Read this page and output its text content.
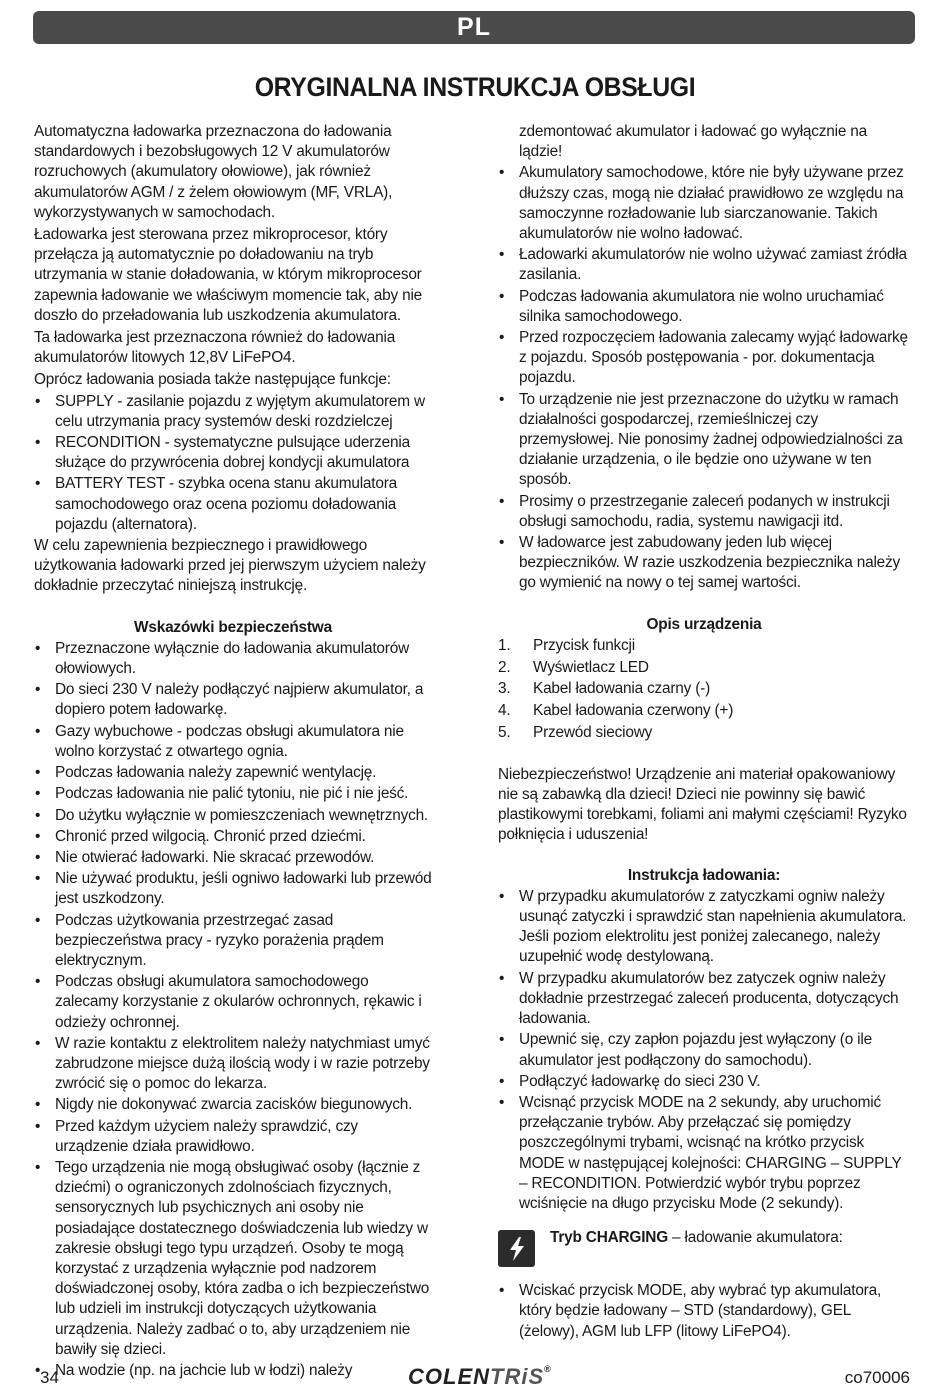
PL
ORYGINALNA INSTRUKCJA OBSŁUGI

Automatyczna ładowarka przeznaczona do ładowania standardowych i bezobsługowych 12 V akumulatorów rozruchowych (akumulatory ołowiowe), jak również akumulatorów AGM / z żelem ołowiowym (MF, VRLA), wykorzystywanych w samochodach.

Ładowarka jest sterowana przez mikroprocesor, który przełącza ją automatycznie po doładowaniu na tryb utrzymania w stanie doładowania, w którym mikroprocesor zapewnia ładowanie we właściwym momencie tak, aby nie doszło do przeładowania lub uszkodzenia akumulatora.

Ta ładowarka jest przeznaczona również do ładowania akumulatorów litowych 12,8V LiFePO4.

Oprócz ładowania posiada także następujące funkcje:

• SUPPLY - zasilanie pojazdu z wyjętym akumulatorem w celu utrzymania pracy systemów deski rozdzielczej
• RECONDITION - systematyczne pulsujące uderzenia służące do przywrócenia dobrej kondycji akumulatora
• BATTERY TEST - szybka ocena stanu akumulatora samochodowego oraz ocena poziomu doładowania pojazdu (alternatora).

W celu zapewnienia bezpiecznego i prawidłowego użytkowania ładowarki przed jej pierwszym użyciem należy dokładnie przeczytać niniejszą instrukcję.

Wskazówki bezpieczeństwa
• Przeznaczone wyłącznie do ładowania akumulatorów ołowiowych.
• Do sieci 230 V należy podłączyć najpierw akumulator, a dopiero potem ładowarkę.
• Gazy wybuchowe - podczas obsługi akumulatora nie wolno korzystać z otwartego ognia.
• Podczas ładowania należy zapewnić wentylację.
• Podczas ładowania nie palić tytoniu, nie pić i nie jeść.
• Do użytku wyłącznie w pomieszczeniach wewnętrznych.
• Chronić przed wilgocią. Chronić przed dziećmi.
• Nie otwierać ładowarki. Nie skracać przewodów.
• Nie używać produktu, jeśli ogniwo ładowarki lub przewód jest uszkodzony.
• Podczas użytkowania przestrzegać zasad bezpieczeństwa pracy - ryzyko porażenia prądem elektrycznym.
• Podczas obsługi akumulatora samochodowego zalecamy korzystanie z okularów ochronnych, rękawic i odzieży ochronnej.
• W razie kontaktu z elektrolitem należy natychmiast umyć zabrudzone miejsce dużą ilością wody i w razie potrzeby zwrócić się o pomoc do lekarza.
• Nigdy nie dokonywać zwarcia zacisków biegunowych.
• Przed każdym użyciem należy sprawdzić, czy urządzenie działa prawidłowo.
• Tego urządzenia nie mogą obsługiwać osoby (łącznie z dziećmi) o ograniczonych zdolnościach fizycznych, sensorycznych lub psychicznych ani osoby nie posiadające dostatecznego doświadczenia lub wiedzy w zakresie obsługi tego typu urządzeń. Osoby te mogą korzystać z urządzenia wyłącznie pod nadzorem doświadczonej osoby, która zadba o ich bezpieczeństwo lub udzieli im instrukcji dotyczących użytkowania urządzenia. Należy zadbać o to, aby urządzeniem nie bawiły się dzieci.
• Na wodzie (np. na jachcie lub w łodzi) należy

zdemontować akumulator i ładować go wyłącznie na lądzie!

• Akumulatory samochodowe, które nie były używane przez dłuższy czas, mogą nie działać prawidłowo ze względu na samoczynne rozładowanie lub siarczanowanie. Takich akumulatorów nie wolno ładować.
• Ładowarki akumulatorów nie wolno używać zamiast źródła zasilania.
• Podczas ładowania akumulatora nie wolno uruchamiać silnika samochodowego.
• Przed rozpoczęciem ładowania zalecamy wyjąć ładowarkę z pojazdu. Sposób postępowania - por. dokumentacja pojazdu.
• To urządzenie nie jest przeznaczone do użytku w ramach działalności gospodarczej, rzemieślniczej czy przemysłowej. Nie ponosimy żadnej odpowiedzialności za działanie urządzenia, o ile będzie ono używane w ten sposób.
• Prosimy o przestrzeganie zaleceń podanych w instrukcji obsługi samochodu, radia, systemu nawigacji itd.
• W ładowarce jest zabudowany jeden lub więcej bezpieczników. W razie uszkodzenia bezpiecznika należy go wymienić na nowy o tej samej wartości.
Opis urządzenia
1.	Przycisk funkcji
2.	Wyświetlacz LED
3.	Kabel ładowania czarny (-)
4.	Kabel ładowania czerwony (+)
5.	Przewód sieciowy

Niebezpieczeństwo! Urządzenie ani materiał opakowaniowy nie są zabawką dla dzieci! Dzieci nie powinny się bawić plastikowymi torebkami, foliami ani małymi częściami! Ryzyko połknięcia i uduszenia!

Instrukcja ładowania:
• W przypadku akumulatorów z zatyczkami ogniw należy usunąć zatyczki i sprawdzić stan napełnienia akumulatora. Jeśli poziom elektrolitu jest poniżej zalecanego, należy uzupełnić wodę destylowaną.
• W przypadku akumulatorów bez zatyczek ogniw należy dokładnie przestrzegać zaleceń producenta, dotyczących ładowania.
• Upewnić się, czy zapłon pojazdu jest wyłączony (o ile akumulator jest podłączony do samochodu).
• Podłączyć ładowarkę do sieci 230 V.
• Wcisnąć przycisk MODE na 2 sekundy, aby uruchomić przełączanie trybów. Aby przełączać się pomiędzy poszczególnymi trybami, wcisnąć na krótko przycisk MODE w następującej kolejności: CHARGING – SUPPLY – RECONDITION. Potwierdzić wybór trybu poprzez wciśnięcie na długo przycisku Mode (2 sekundy).
Tryb CHARGING – ładowanie akumulatora:
• Wciskać przycisk MODE, aby wybrać typ akumulatora, który będzie ładowany – STD (standardowy), GEL (żelowy), AGM lub LFP (litowy LiFePO4).
34	COLENTRiS®	co70006
